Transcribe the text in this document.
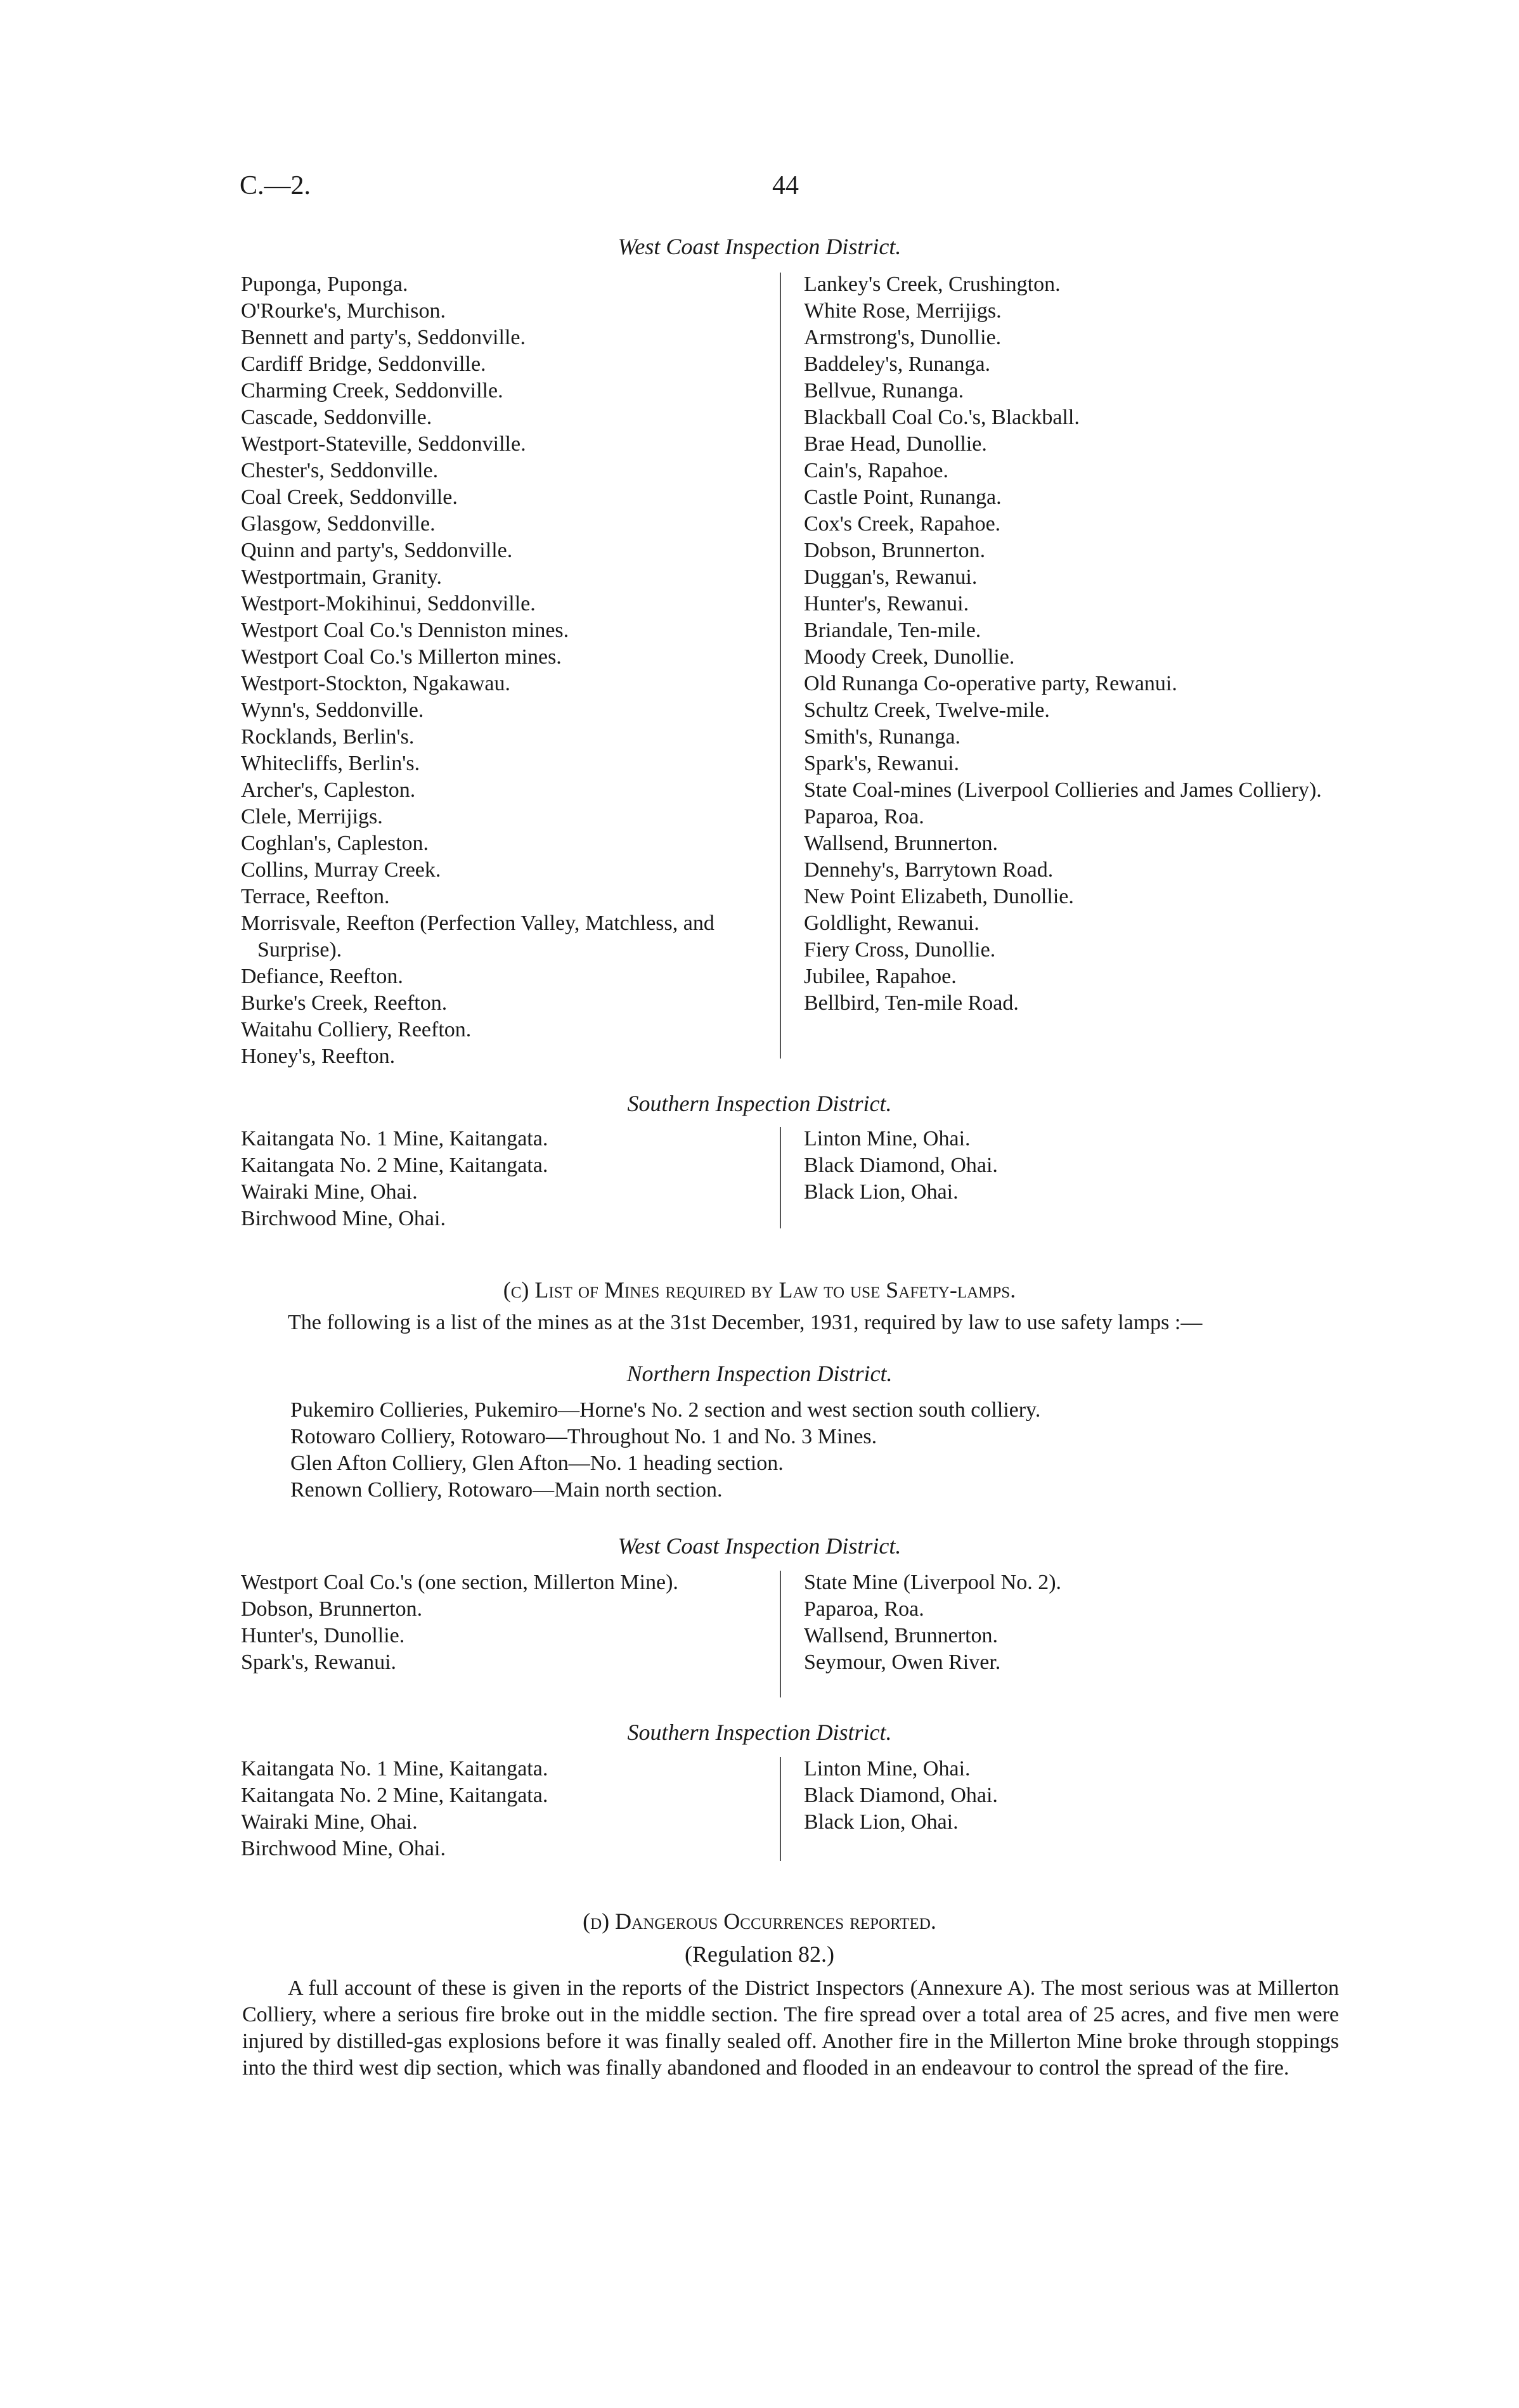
C.—2.	44
West Coast Inspection District.
Puponga, Puponga.
O'Rourke's, Murchison.
Bennett and party's, Seddonville.
Cardiff Bridge, Seddonville.
Charming Creek, Seddonville.
Cascade, Seddonville.
Westport-Stateville, Seddonville.
Chester's, Seddonville.
Coal Creek, Seddonville.
Glasgow, Seddonville.
Quinn and party's, Seddonville.
Westportmain, Granity.
Westport-Mokihinui, Seddonville.
Westport Coal Co.'s Denniston mines.
Westport Coal Co.'s Millerton mines.
Westport-Stockton, Ngakawau.
Wynn's, Seddonville.
Rocklands, Berlin's.
Whitecliffs, Berlin's.
Archer's, Capleston.
Clele, Merrijigs.
Coghlan's, Capleston.
Collins, Murray Creek.
Terrace, Reefton.
Morrisvale, Reefton (Perfection Valley, Matchless, and Surprise).
Defiance, Reefton.
Burke's Creek, Reefton.
Waitahu Colliery, Reefton.
Honey's, Reefton.
Lankey's Creek, Crushington.
White Rose, Merrijigs.
Armstrong's, Dunollie.
Baddeley's, Runanga.
Bellvue, Runanga.
Blackball Coal Co.'s, Blackball.
Brae Head, Dunollie.
Cain's, Rapahoe.
Castle Point, Runanga.
Cox's Creek, Rapahoe.
Dobson, Brunnerton.
Duggan's, Rewanui.
Hunter's, Rewanui.
Briandale, Ten-mile.
Moody Creek, Dunollie.
Old Runanga Co-operative party, Rewanui.
Schultz Creek, Twelve-mile.
Smith's, Runanga.
Spark's, Rewanui.
State Coal-mines (Liverpool Collieries and James Colliery).
Paparoa, Roa.
Wallsend, Brunnerton.
Dennehy's, Barrytown Road.
New Point Elizabeth, Dunollie.
Goldlight, Rewanui.
Fiery Cross, Dunollie.
Jubilee, Rapahoe.
Bellbird, Ten-mile Road.
Southern Inspection District.
Kaitangata No. 1 Mine, Kaitangata.
Kaitangata No. 2 Mine, Kaitangata.
Wairaki Mine, Ohai.
Birchwood Mine, Ohai.
Linton Mine, Ohai.
Black Diamond, Ohai.
Black Lion, Ohai.
(c) List of Mines required by Law to use Safety-lamps.
The following is a list of the mines as at the 31st December, 1931, required by law to use safety lamps :—
Northern Inspection District.
Pukemiro Collieries, Pukemiro—Horne's No. 2 section and west section south colliery.
Rotowaro Colliery, Rotowaro—Throughout No. 1 and No. 3 Mines.
Glen Afton Colliery, Glen Afton—No. 1 heading section.
Renown Colliery, Rotowaro—Main north section.
West Coast Inspection District.
Westport Coal Co.'s (one section, Millerton Mine).
Dobson, Brunnerton.
Hunter's, Dunollie.
Spark's, Rewanui.
State Mine (Liverpool No. 2).
Paparoa, Roa.
Wallsend, Brunnerton.
Seymour, Owen River.
Southern Inspection District.
Kaitangata No. 1 Mine, Kaitangata.
Kaitangata No. 2 Mine, Kaitangata.
Wairaki Mine, Ohai.
Birchwood Mine, Ohai.
Linton Mine, Ohai.
Black Diamond, Ohai.
Black Lion, Ohai.
(d) Dangerous Occurrences reported.
(Regulation 82.)
A full account of these is given in the reports of the District Inspectors (Annexure A). The most serious was at Millerton Colliery, where a serious fire broke out in the middle section. The fire spread over a total area of 25 acres, and five men were injured by distilled-gas explosions before it was finally sealed off. Another fire in the Millerton Mine broke through stoppings into the third west dip section, which was finally abandoned and flooded in an endeavour to control the spread of the fire.
